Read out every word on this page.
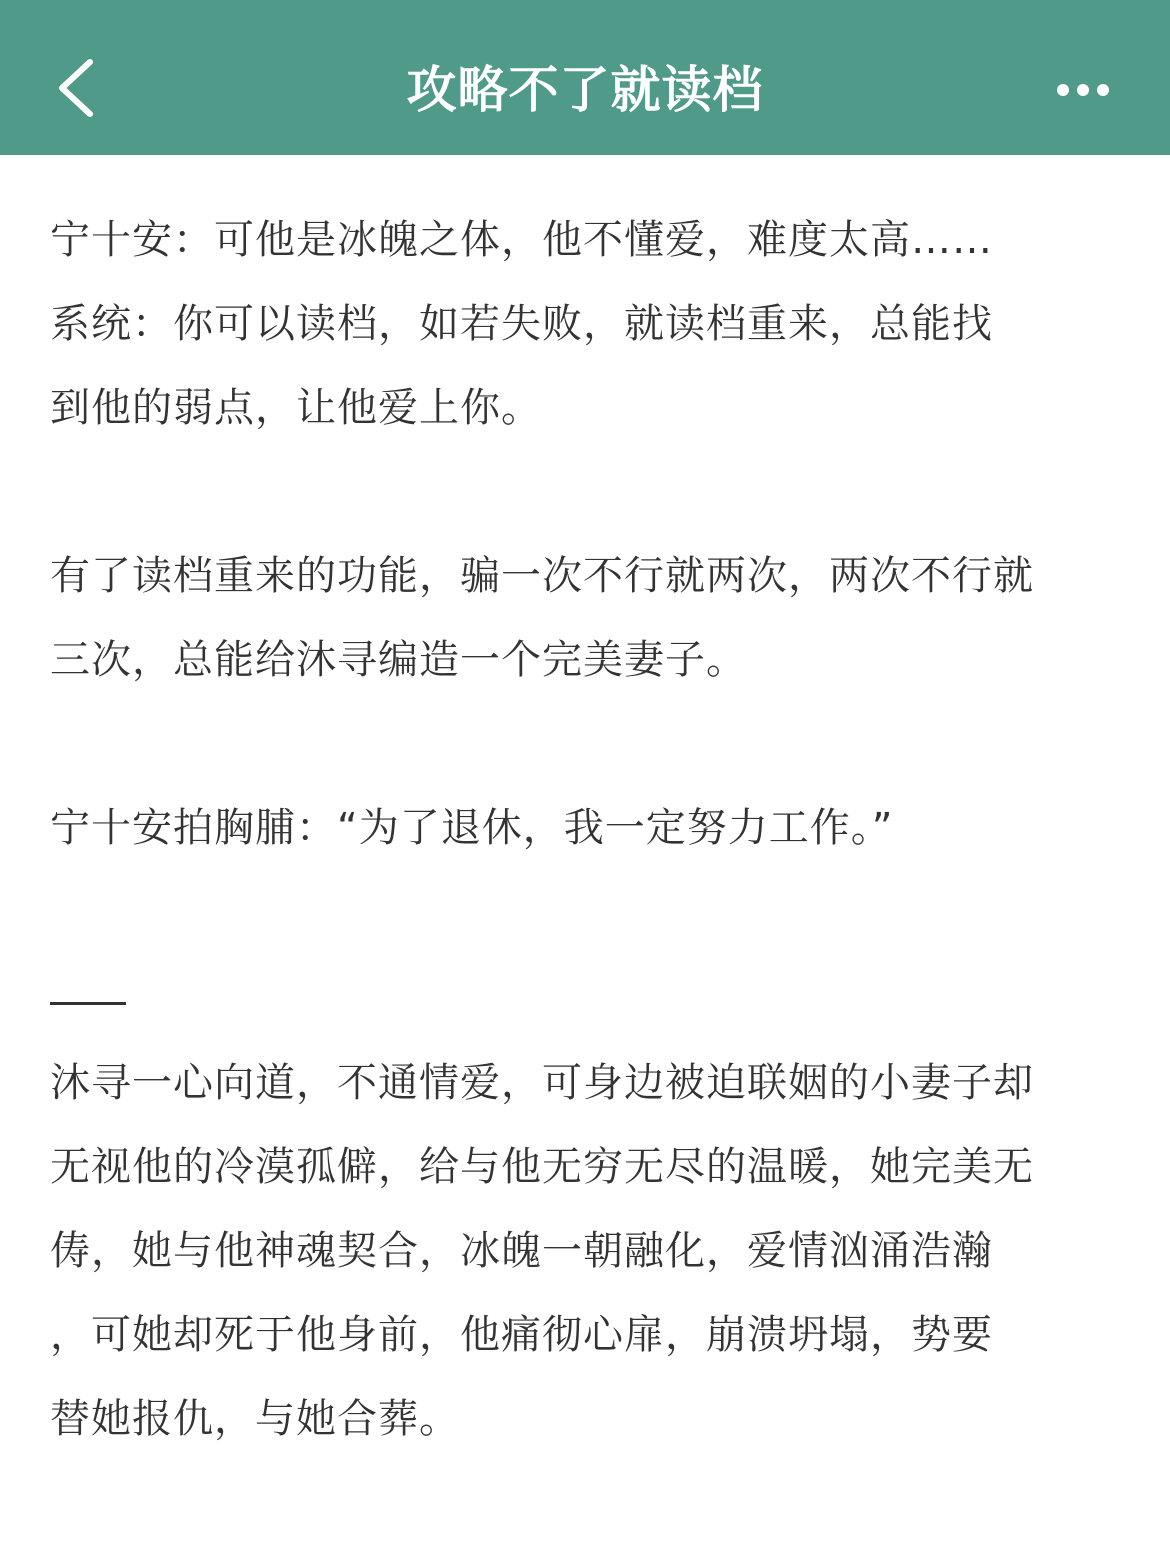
攻略不了就读档

宁十安：可他是冰魄之体，他不懂爱，难度太高……
系统：你可以读档，如若失败，就读档重来，总能找
到他的弱点，让他爱上你。

有了读档重来的功能，骗一次不行就两次，两次不行就
三次，总能给沐寻编造一个完美妻子。

宁十安拍胸脯：“为了退休，我一定努力工作。”

沐寻一心向道，不通情爱，可身边被迫联姻的小妻子却
无视他的冷漠孤僻，给与他无穷无尽的温暖，她完美无
俦，她与他神魂契合，冰魄一朝融化，爱情汹涌浩瀚
，可她却死于他身前，他痛彻心扉，崩溃坍塌，势要
替她报仇，与她合葬。
